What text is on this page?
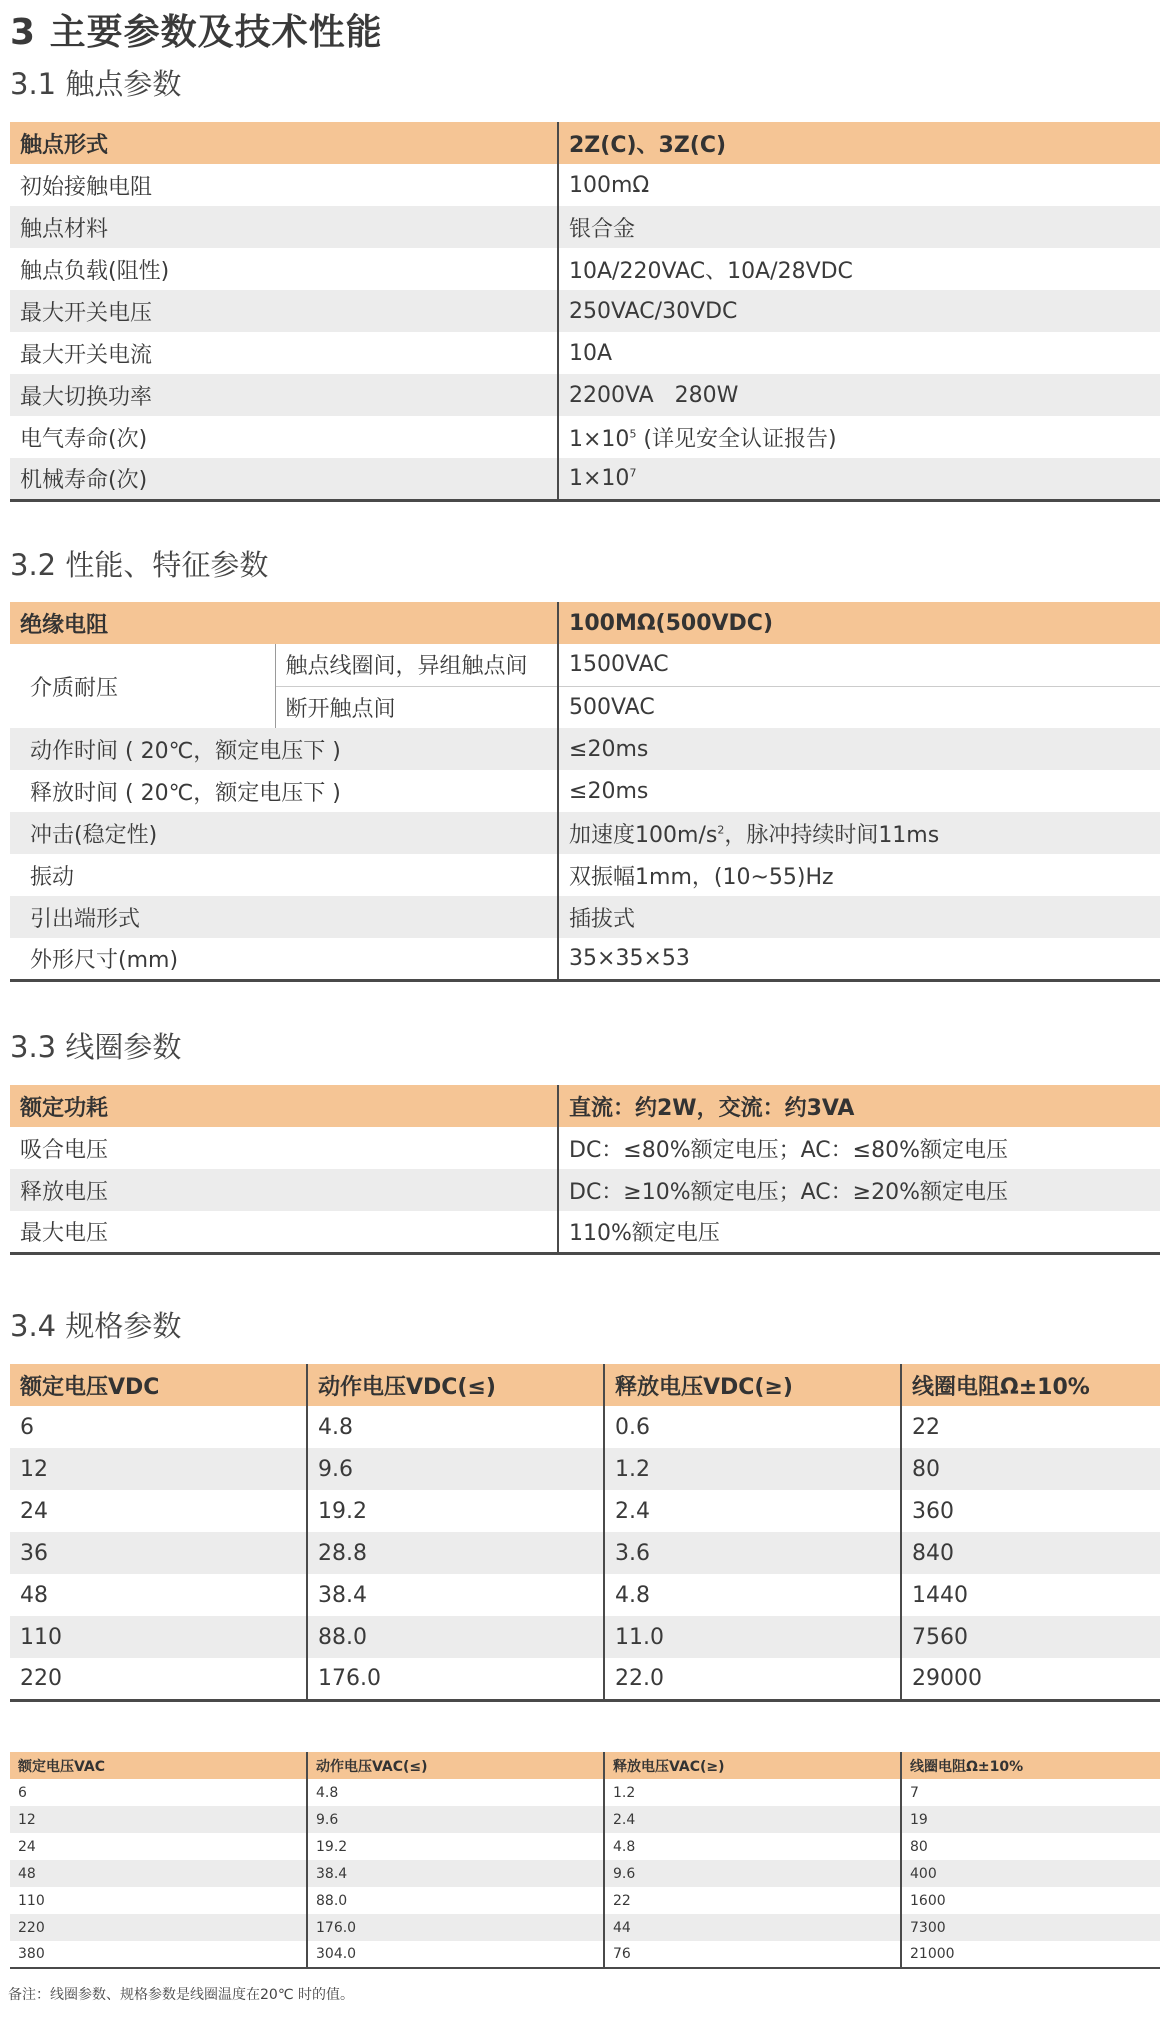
3 主要参数及技术性能
3.1 触点参数
触点形式	2Z(C)、3Z(C)
初始接触电阻	100mΩ
触点材料	银合金
触点负载(阻性)	10A/220VAC、10A/28VDC
最大开关电压	250VAC/30VDC
最大开关电流	10A
最大切换功率	2200VA   280W
电气寿命(次)	$1\times 10^5$ (详见安全认证报告)
机械寿命(次)	$1\times 10^7$
3.2 性能、特征参数
绝缘电阻		100MΩ(500VDC)
介质耐压	触点线圈间，异组触点间	1500VAC
	断开触点间	500VAC
动作时间 ( 20℃，额定电压下 )		≤20ms
释放时间 ( 20℃，额定电压下 )		≤20ms
冲击(稳定性)		加速度$100m/s^2$，脉冲持续时间11ms
振动		双振幅1mm，(10~55)Hz
引出端形式		插拔式
外形尺寸(mm)		35×35×53
3.3 线圈参数
额定功耗	直流：约2W，交流：约3VA
吸合电压	DC：≤80%额定电压；AC：≤80%额定电压
释放电压	DC：≥10%额定电压；AC：≥20%额定电压
最大电压	110%额定电压
3.4 规格参数
额定电压VDC	动作电压VDC(≤)	释放电压VDC(≥)	线圈电阻Ω±10%
6	4.8	0.6	22
12	9.6	1.2	80
24	19.2	2.4	360
36	28.8	3.6	840
48	38.4	4.8	1440
110	88.0	11.0	7560
220	176.0	22.0	29000
额定电压VAC	动作电压VAC(≤)	释放电压VAC(≥)	线圈电阻Ω±10%
6	4.8	1.2	7
12	9.6	2.4	19
24	19.2	4.8	80
48	38.4	9.6	400
110	88.0	22	1600
220	176.0	44	7300
380	304.0	76	21000
备注：线圈参数、规格参数是线圈温度在20℃ 时的值。
